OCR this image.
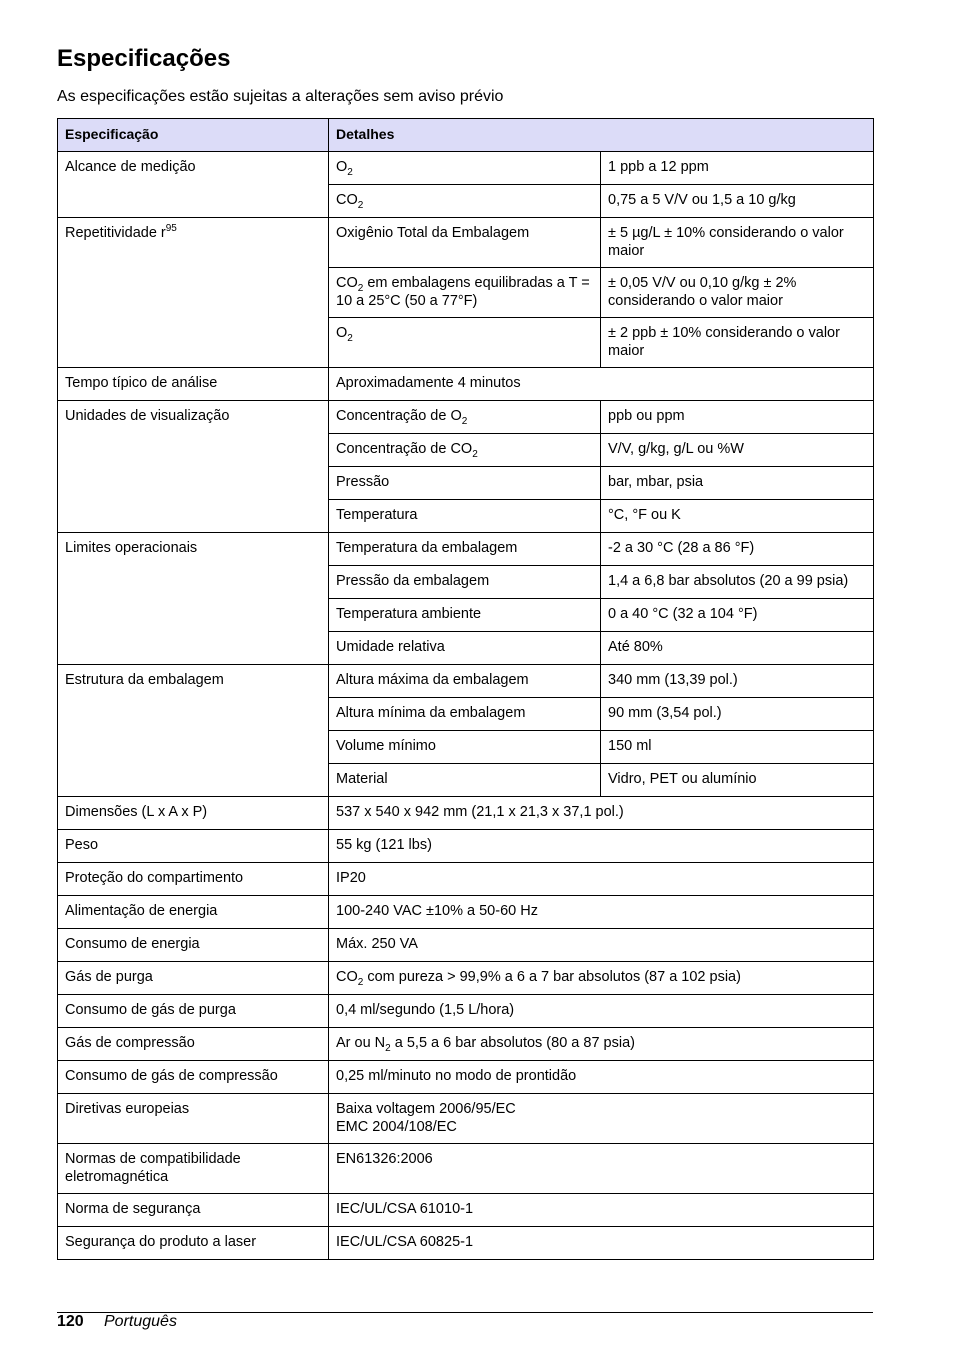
Especificações

As especificações estão sujeitas a alterações sem aviso prévio

Especificação	Detalhes	
Alcance de medição	$O_2$	1 ppb a 12 ppm
	$CO_2$	0,75 a 5 V/V ou 1,5 a 10 g/kg
Repetitividade $r^{95}$	Oxigênio Total da Embalagem	± 5 µg/L ± 10% considerando o valor maior
	$CO_2$ em embalagens equilibradas a T = 10 a 25°C (50 a 77°F)	± 0,05 V/V ou 0,10 g/kg ± 2% considerando o valor maior
	$O_2$	± 2 ppb ± 10% considerando o valor maior
Tempo típico de análise	Aproximadamente 4 minutos	
Unidades de visualização	Concentração de $O_2$	ppb ou ppm
	Concentração de $CO_2$	V/V, g/kg, g/L ou %W
	Pressão	bar, mbar, psia
	Temperatura	°C, °F ou K
Limites operacionais	Temperatura da embalagem	-2 a 30 °C (28 a 86 °F)
	Pressão da embalagem	1,4 a 6,8 bar absolutos (20 a 99 psia)
	Temperatura ambiente	0 a 40 °C (32 a 104 °F)
	Umidade relativa	Até 80%
Estrutura da embalagem	Altura máxima da embalagem	340 mm (13,39 pol.)
	Altura mínima da embalagem	90 mm (3,54 pol.)
	Volume mínimo	150 ml
	Material	Vidro, PET ou alumínio
Dimensões (L x A x P)	537 x 540 x 942 mm (21,1 x 21,3 x 37,1 pol.)	
Peso	55 kg (121 lbs)	
Proteção do compartimento	IP20	
Alimentação de energia	100-240 VAC ±10% a 50-60 Hz	
Consumo de energia	Máx. 250 VA	
Gás de purga	$CO_2$ com pureza > 99,9% a 6 a 7 bar absolutos (87 a 102 psia)	
Consumo de gás de purga	0,4 ml/segundo (1,5 L/hora)	
Gás de compressão	Ar ou $N_2$ a 5,5 a 6 bar absolutos (80 a 87 psia)	
Consumo de gás de compressão	0,25 ml/minuto no modo de prontidão	
Diretivas europeias	Baixa voltagem 2006/95/EC
EMC 2004/108/EC	
Normas de compatibilidade eletromagnética	EN61326:2006	
Norma de segurança	IEC/UL/CSA 61010-1	
Segurança do produto a laser	IEC/UL/CSA 60825-1	
120 Português
